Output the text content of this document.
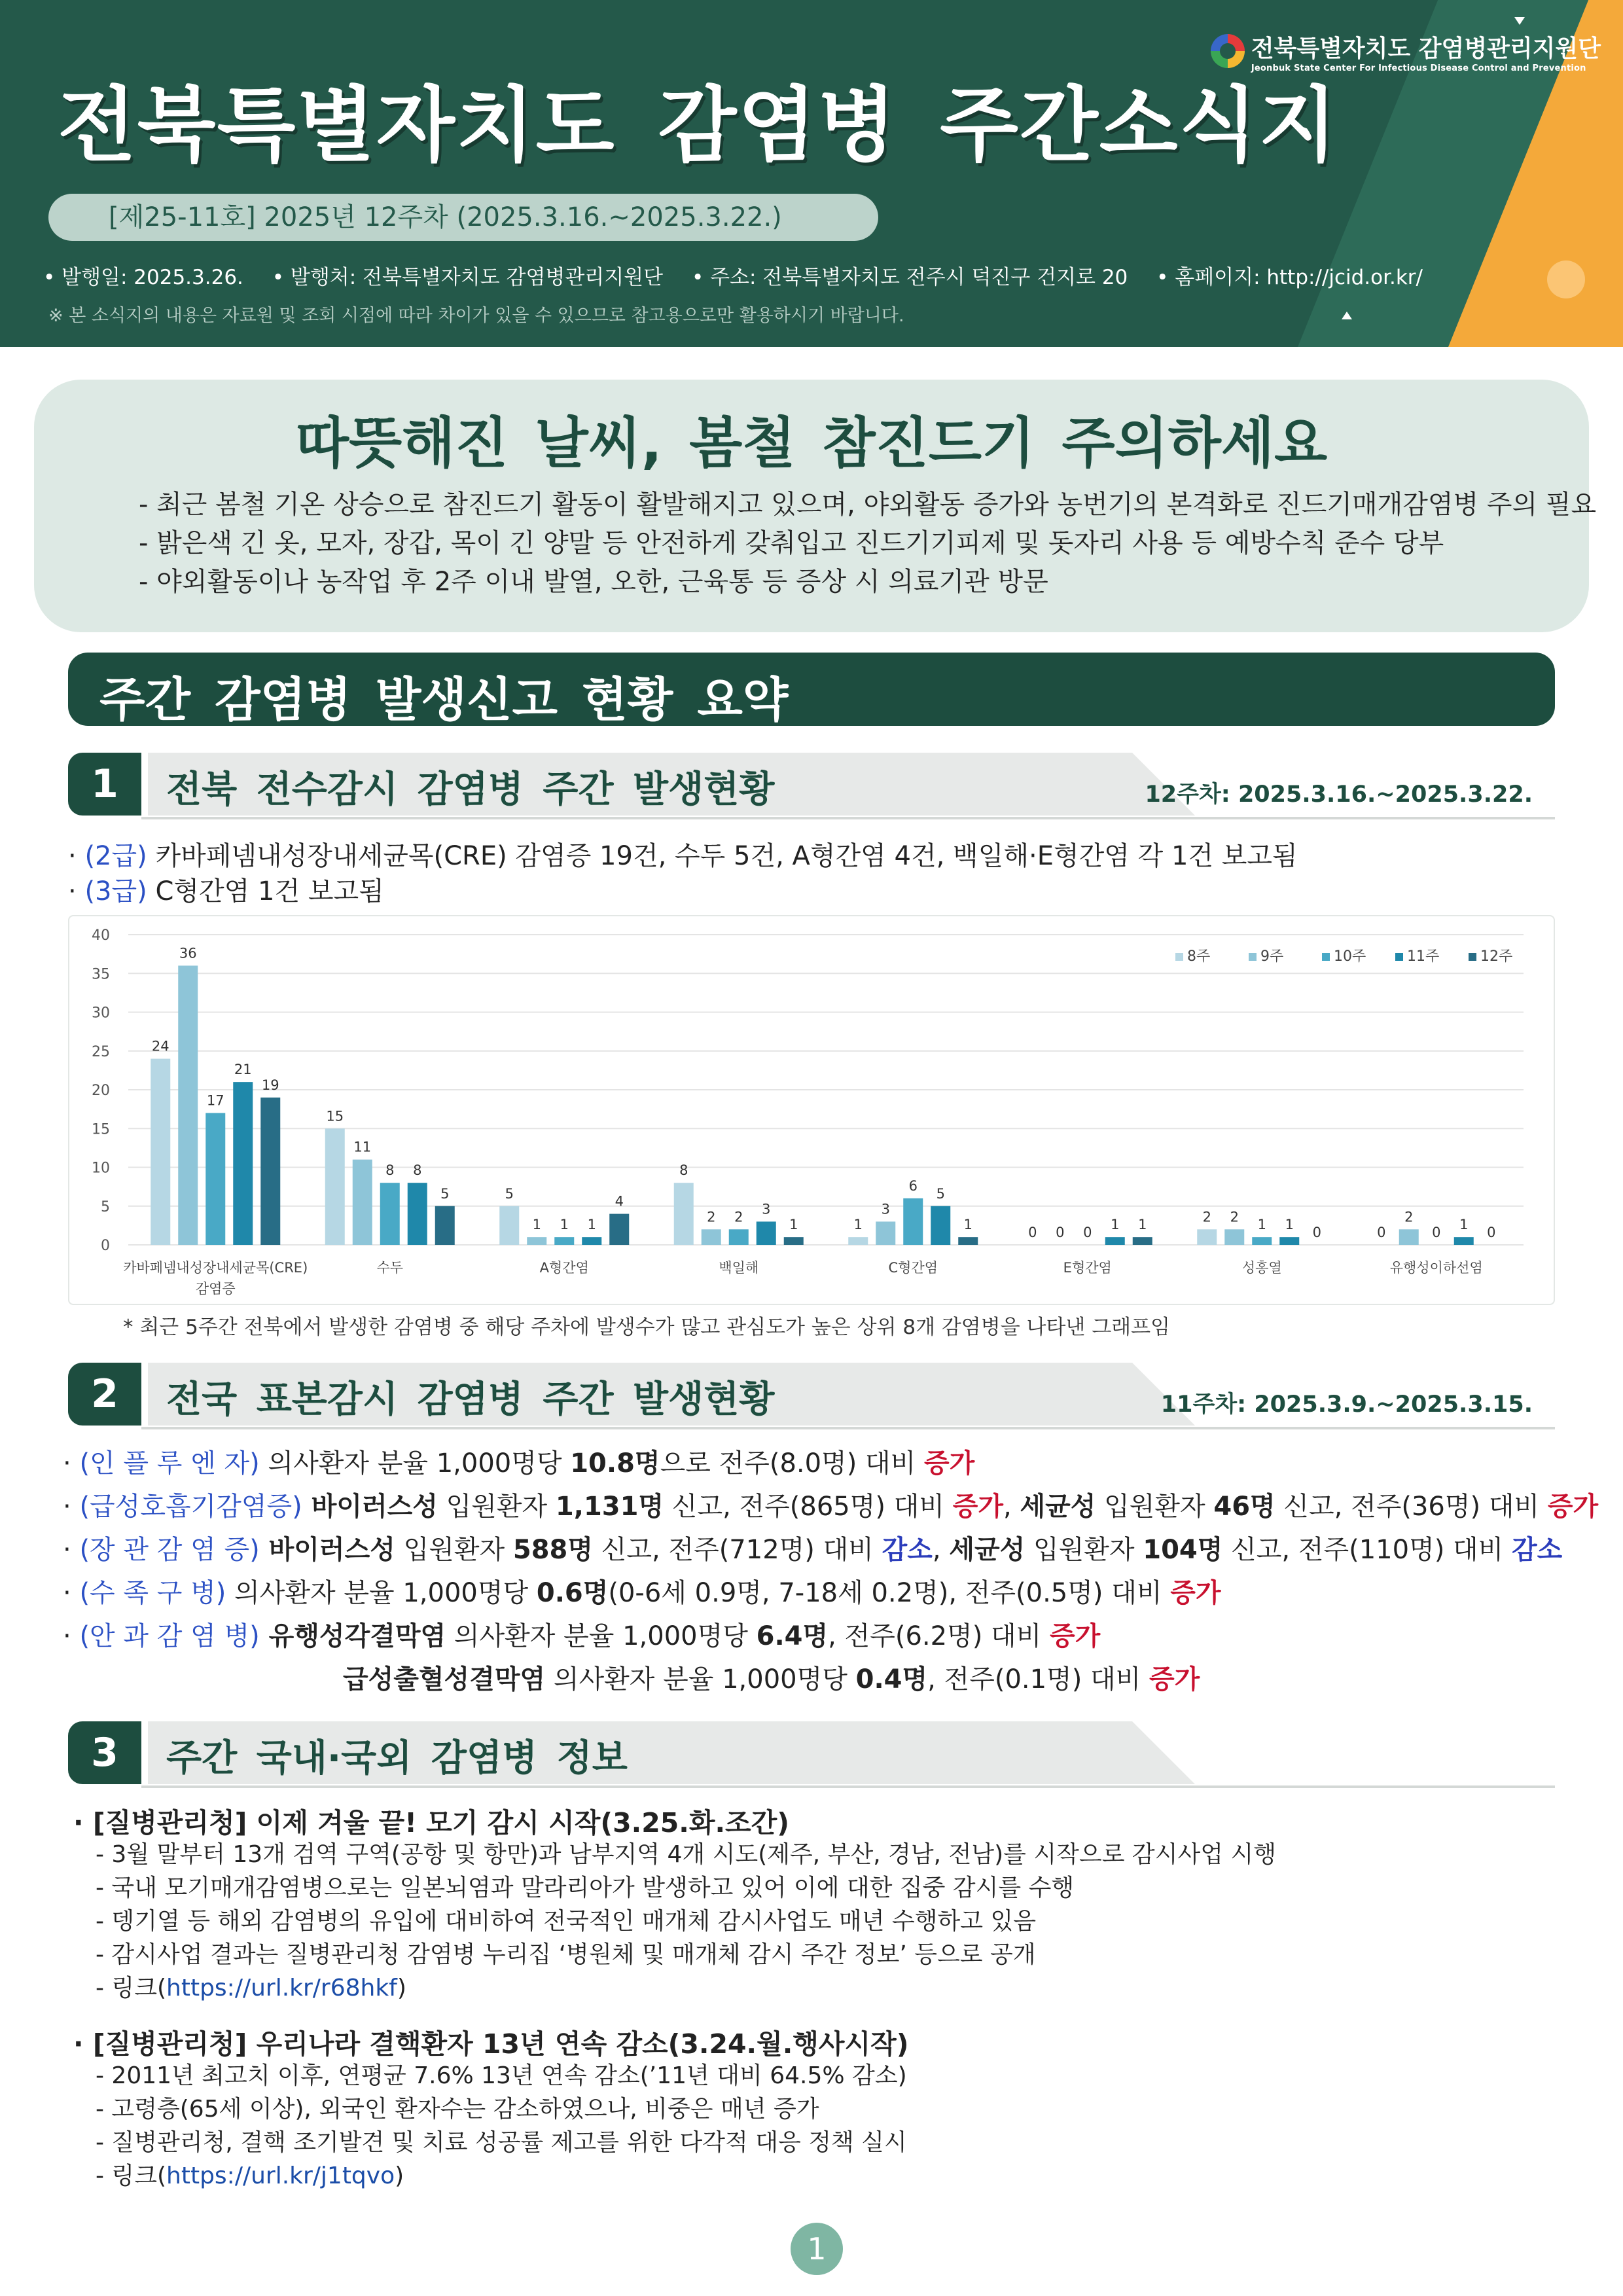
전북특별자치도 감염병관리지원단
Jeonbuk State Center For Infectious Disease Control and Prevention
전북특별자치도 감염병 주간소식지
[제25-11호] 2025년 12주차 (2025.3.16.~2025.3.22.)
• 발행일: 2025.3.26. • 발행처: 전북특별자치도 감염병관리지원단 • 주소: 전북특별자치도 전주시 덕진구 건지로 20 • 홈페이지: http://jcid.or.kr/
※ 본 소식지의 내용은 자료원 및 조회 시점에 따라 차이가 있을 수 있으므로 참고용으로만 활용하시기 바랍니다.
따뜻해진 날씨, 봄철 참진드기 주의하세요
- 최근 봄철 기온 상승으로 참진드기 활동이 활발해지고 있으며, 야외활동 증가와 농번기의 본격화로 진드기매개감염병 주의 필요
- 밝은색 긴 옷, 모자, 장갑, 목이 긴 양말 등 안전하게 갖춰입고 진드기기피제 및 돗자리 사용 등 예방수칙 준수 당부
- 야외활동이나 농작업 후 2주 이내 발열, 오한, 근육통 등 증상 시 의료기관 방문
주간 감염병 발생신고 현황 요약
1	전북 전수감시 감염병 주간 발생현황	12주차: 2025.3.16.~2025.3.22.
· (2급) 카바페넴내성장내세균목(CRE) 감염증 19건, 수두 5건, A형간염 4건, 백일해·E형간염 각 1건 보고됨
· (3급) C형간염 1건 보고됨
0
5
10
15
20
25
30
35
40
24
36
17
21
19
카바페넴내성장내세균목(CRE)
감염증
15
11
8 8
5
수두
5
1 1 1
4
A형간염
8
2 2 3
1
백일해
1
3
6 5
1
C형간염
0 0 0 1 1
E형간염
2 2 1 1 0
성홍열
0
2
0 1 0
유행성이하선염
8주	9주	10주	11주	12주
* 최근 5주간 전북에서 발생한 감염병 중 해당 주차에 발생수가 많고 관심도가 높은 상위 8개 감염병을 나타낸 그래프임
2	전국 표본감시 감염병 주간 발생현황	11주차: 2025.3.9.~2025.3.15.
· (인 플 루 엔 자) 의사환자 분율 1,000명당 10.8명으로 전주(8.0명) 대비 증가
· (급성호흡기감염증) 바이러스성 입원환자 1,131명 신고, 전주(865명) 대비 증가, 세균성 입원환자 46명 신고, 전주(36명) 대비 증가
· (장 관 감 염 증) 바이러스성 입원환자 588명 신고, 전주(712명) 대비 감소, 세균성 입원환자 104명 신고, 전주(110명) 대비 감소
· (수 족 구 병) 의사환자 분율 1,000명당 0.6명(0-6세 0.9명, 7-18세 0.2명), 전주(0.5명) 대비 증가
· (안 과 감 염 병) 유행성각결막염 의사환자 분율 1,000명당 6.4명, 전주(6.2명) 대비 증가
급성출혈성결막염 의사환자 분율 1,000명당 0.4명, 전주(0.1명) 대비 증가
3	주간 국내·국외 감염병 정보
· [질병관리청] 이제 겨울 끝! 모기 감시 시작(3.25.화.조간)
- 3월 말부터 13개 검역 구역(공항 및 항만)과 남부지역 4개 시도(제주, 부산, 경남, 전남)를 시작으로 감시사업 시행
- 국내 모기매개감염병으로는 일본뇌염과 말라리아가 발생하고 있어 이에 대한 집중 감시를 수행
- 뎅기열 등 해외 감염병의 유입에 대비하여 전국적인 매개체 감시사업도 매년 수행하고 있음
- 감시사업 결과는 질병관리청 감염병 누리집 ‘병원체 및 매개체 감시 주간 정보’ 등으로 공개
- 링크(https://url.kr/r68hkf)
· [질병관리청] 우리나라 결핵환자 13년 연속 감소(3.24.월.행사시작)
- 2011년 최고치 이후, 연평균 7.6% 13년 연속 감소(’11년 대비 64.5% 감소)
- 고령층(65세 이상), 외국인 환자수는 감소하였으나, 비중은 매년 증가
- 질병관리청, 결핵 조기발견 및 치료 성공률 제고를 위한 다각적 대응 정책 실시
- 링크(https://url.kr/j1tqvo)
1
